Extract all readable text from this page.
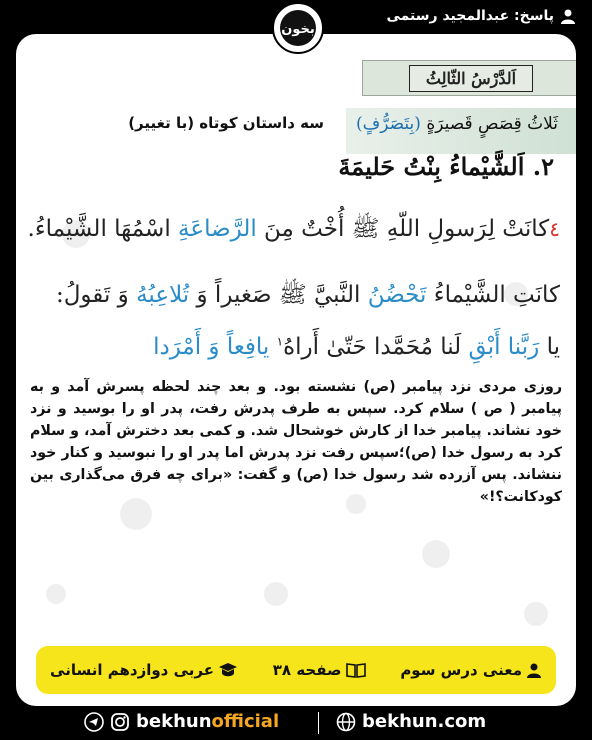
پاسخ: عبدالمجید رستمی
بخون
اَلدَّرْسُ الثّالِثُ
ثَلاثُ قِصَصٍ قَصيرَةٍ (بِتَصَرُّفٍ)
سه داستان کوتاه (با تغییر)
٢. اَلشَّيْماءُ بِنْتُ حَليمَةَ
٤كانَتْ لِرَسولِ اللّهِ ﷺ أُخْتٌ مِنَ الرَّضاعَةِ اسْمُهَا الشَّيْماءُ.
كانَتِ الشَّيْماءُ تَحْضُنُ النَّبيَّ ﷺ صَغيراً وَ تُلاعِبُهُ وَ تَقولُ:
يا رَبَّنا أَبْقِ لَنا مُحَمَّدا حَتّىٰ أَراهُ$^١$ يافِعاً وَ أَمْرَدا
روزی مردی نزد پیامبر (ص) نشسته بود. و بعد چند لحظه پسرش آمد و به پیامبر ( ص ) سلام کرد. سپس به طرف پدرش رفت، پدر او را بوسید و نزد خود نشاند. پیامبر خدا از کارش خوشحال شد. و کمی بعد دخترش آمد، و سلام کرد به رسول خدا (ص)؛سپس رفت نزد پدرش اما پدر او را نبوسید و کنار خود ننشاند. پس آزرده شد رسول خدا (ص) و گفت: «برای چه فرق می‌گذاری بین کودکانت؟!»
معنی درس سوم
صفحه ۳۸
عربی دوازدهم انسانی
bekhunofficial	bekhun.com
